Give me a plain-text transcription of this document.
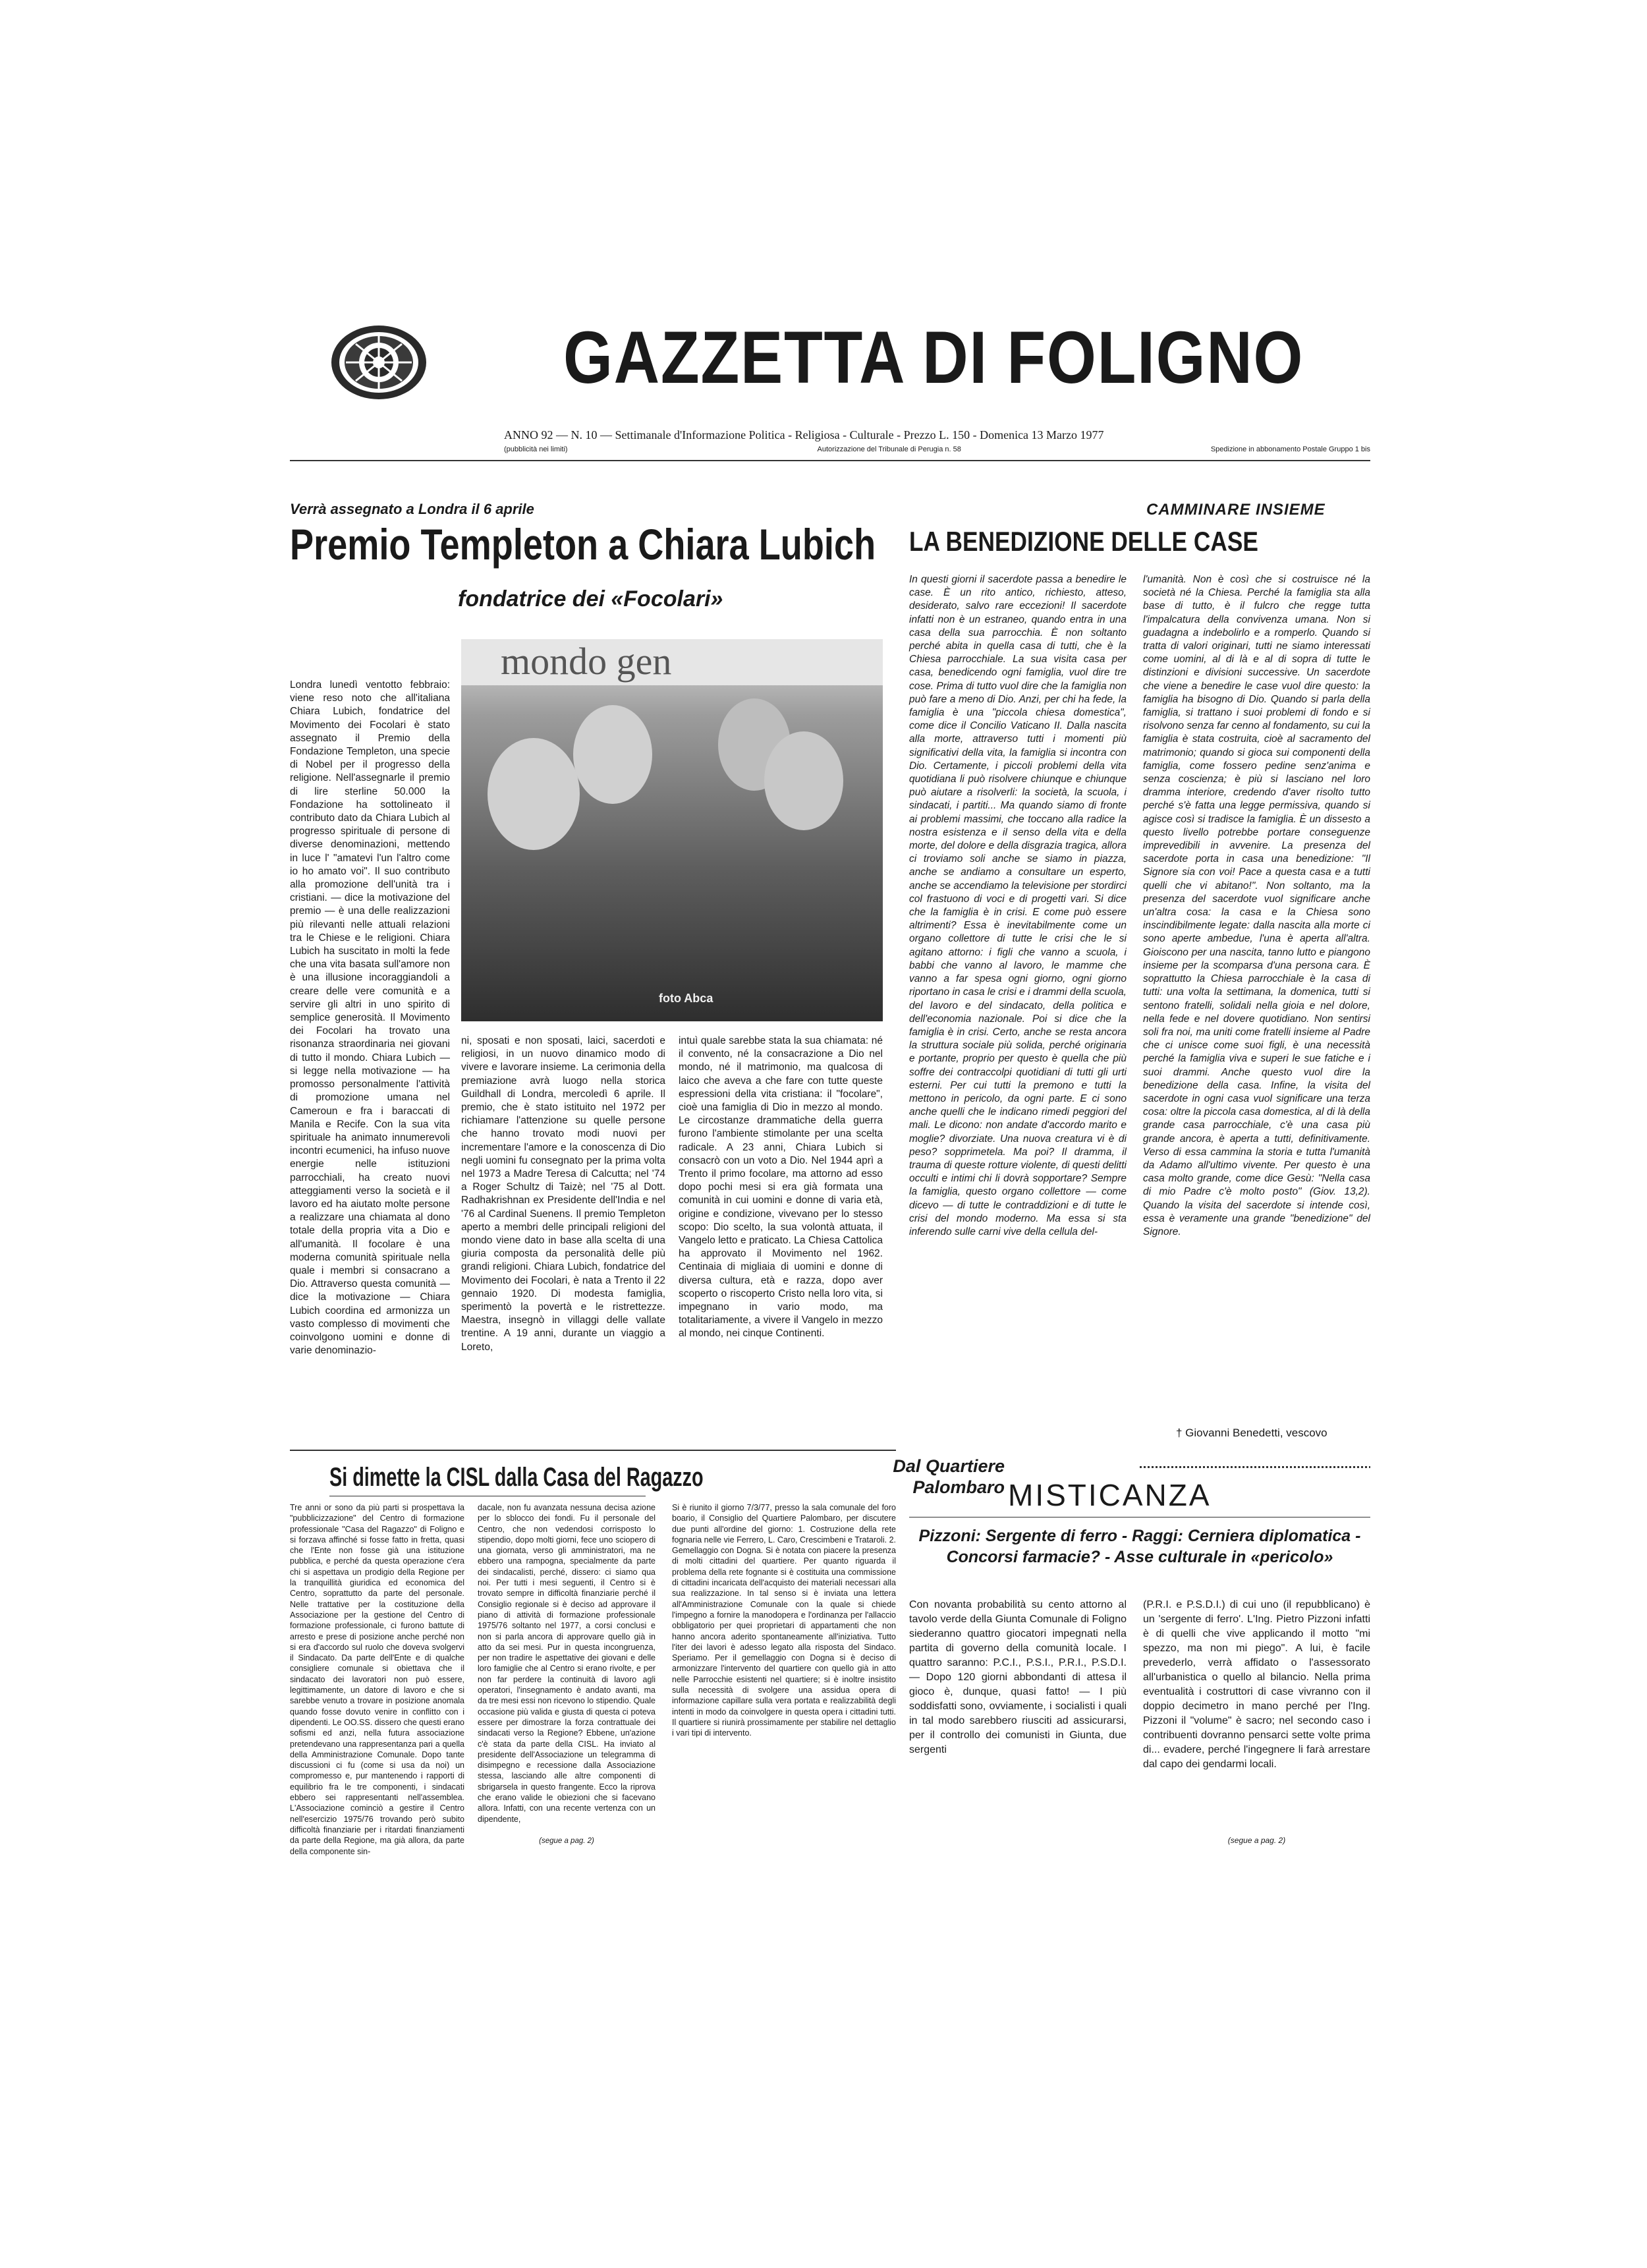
GAZZETTA DI FOLIGNO
ANNO 92 — N. 10 — Settimanale d'Informazione Politica - Religiosa - Culturale - Prezzo L. 150 - Domenica 13 Marzo 1977
(pubblicità nei limiti)	Autorizzazione del Tribunale di Perugia n. 58	Spedizione in abbonamento Postale Gruppo 1 bis
Verrà assegnato a Londra il 6 aprile
Premio Templeton a Chiara Lubich
fondatrice dei «Focolari»
mondo gen
foto Abca
Londra lunedì ventotto febbraio: viene reso noto che all'italiana Chiara Lubich, fondatrice del Movimento dei Focolari è stato assegnato il Premio della Fondazione Templeton, una specie di Nobel per il progresso della religione. Nell'assegnarle il premio di lire sterline 50.000 la Fondazione ha sottolineato il contributo dato da Chiara Lubich al progresso spirituale di persone di diverse denominazioni, mettendo in luce l' "amatevi l'un l'altro come io ho amato voi". Il suo contributo alla promozione dell'unità tra i cristiani. — dice la motivazione del premio — è una delle realizzazioni più rilevanti nelle attuali relazioni tra le Chiese e le religioni. Chiara Lubich ha suscitato in molti la fede che una vita basata sull'amore non è una illusione incoraggiandoli a creare delle vere comunità e a servire gli altri in uno spirito di semplice generosità. Il Movimento dei Focolari ha trovato una risonanza straordinaria nei giovani di tutto il mondo. Chiara Lubich — si legge nella motivazione — ha promosso personalmente l'attività di promozione umana nel Cameroun e fra i baraccati di Manila e Recife. Con la sua vita spirituale ha animato innumerevoli incontri ecumenici, ha infuso nuove energie nelle istituzioni parrocchiali, ha creato nuovi atteggiamenti verso la società e il lavoro ed ha aiutato molte persone a realizzare una chiamata al dono totale della propria vita a Dio e all'umanità. Il focolare è una moderna comunità spirituale nella quale i membri si consacrano a Dio. Attraverso questa comunità — dice la motivazione — Chiara Lubich coordina ed armonizza un vasto complesso di movimenti che coinvolgono uomini e donne di varie denominazio-
ni, sposati e non sposati, laici, sacerdoti e religiosi, in un nuovo dinamico modo di vivere e lavorare insieme. La cerimonia della premiazione avrà luogo nella storica Guildhall di Londra, mercoledì 6 aprile. Il premio, che è stato istituito nel 1972 per richiamare l'attenzione su quelle persone che hanno trovato modi nuovi per incrementare l'amore e la conoscenza di Dio negli uomini fu consegnato per la prima volta nel 1973 a Madre Teresa di Calcutta; nel '74 a Roger Schultz di Taizè; nel '75 al Dott. Radhakrishnan ex Presidente dell'India e nel '76 al Cardinal Suenens. Il premio Templeton aperto a membri delle principali religioni del mondo viene dato in base alla scelta di una giuria composta da personalità delle più grandi religioni. Chiara Lubich, fondatrice del Movimento dei Focolari, è nata a Trento il 22 gennaio 1920. Di modesta famiglia, sperimentò la povertà e le ristrettezze. Maestra, insegnò in villaggi delle vallate trentine. A 19 anni, durante un viaggio a Loreto,
intuì quale sarebbe stata la sua chiamata: né il convento, né la consacrazione a Dio nel mondo, né il matrimonio, ma qualcosa di laico che aveva a che fare con tutte queste espressioni della vita cristiana: il "focolare", cioè una famiglia di Dio in mezzo al mondo. Le circostanze drammatiche della guerra furono l'ambiente stimolante per una scelta radicale. A 23 anni, Chiara Lubich si consacrò con un voto a Dio. Nel 1944 aprì a Trento il primo focolare, ma attorno ad esso dopo pochi mesi si era già formata una comunità in cui uomini e donne di varia età, origine e condizione, vivevano per lo stesso scopo: Dio scelto, la sua volontà attuata, il Vangelo letto e praticato. La Chiesa Cattolica ha approvato il Movimento nel 1962. Centinaia di migliaia di uomini e donne di diversa cultura, età e razza, dopo aver scoperto o riscoperto Cristo nella loro vita, si impegnano in vario modo, ma totalitariamente, a vivere il Vangelo in mezzo al mondo, nei cinque Continenti.
CAMMINARE INSIEME
LA BENEDIZIONE DELLE CASE
In questi giorni il sacerdote passa a benedire le case. È un rito antico, richiesto, atteso, desiderato, salvo rare eccezioni! Il sacerdote infatti non è un estraneo, quando entra in una casa della sua parrocchia. È non soltanto perché abita in quella casa di tutti, che è la Chiesa parrocchiale. La sua visita casa per casa, benedicendo ogni famiglia, vuol dire tre cose. Prima di tutto vuol dire che la famiglia non può fare a meno di Dio. Anzi, per chi ha fede, la famiglia è una "piccola chiesa domestica", come dice il Concilio Vaticano II. Dalla nascita alla morte, attraverso tutti i momenti più significativi della vita, la famiglia si incontra con Dio. Certamente, i piccoli problemi della vita quotidiana li può risolvere chiunque e chiunque può aiutare a risolverli: la società, la scuola, i sindacati, i partiti... Ma quando siamo di fronte ai problemi massimi, che toccano alla radice la nostra esistenza e il senso della vita e della morte, del dolore e della disgrazia tragica, allora ci troviamo soli anche se siamo in piazza, anche se andiamo a consultare un esperto, anche se accendiamo la televisione per stordirci col frastuono di voci e di progetti vari. Si dice che la famiglia è in crisi. E come può essere altrimenti? Essa è inevitabilmente come un organo collettore di tutte le crisi che le si agitano attorno: i figli che vanno a scuola, i babbi che vanno al lavoro, le mamme che vanno a far spesa ogni giorno, ogni giorno riportano in casa le crisi e i drammi della scuola, del lavoro e del sindacato, della politica e dell'economia nazionale. Poi si dice che la famiglia è in crisi. Certo, anche se resta ancora la struttura sociale più solida, perché originaria e portante, proprio per questo è quella che più soffre dei contraccolpi quotidiani di tutti gli urti esterni. Per cui tutti la premono e tutti la mettono in pericolo, da ogni parte. E ci sono anche quelli che le indicano rimedi peggiori del mali. Le dicono: non andate d'accordo marito e moglie? divorziate. Una nuova creatura vi è di peso? sopprimetela. Ma poi? Il dramma, il trauma di queste rotture violente, di questi delitti occulti e intimi chi li dovrà sopportare? Sempre la famiglia, questo organo collettore — come dicevo — di tutte le contraddizioni e di tutte le crisi del mondo moderno. Ma essa si sta inferendo sulle carni vive della cellula del-
l'umanità. Non è così che si costruisce né la società né la Chiesa. Perché la famiglia sta alla base di tutto, è il fulcro che regge tutta l'impalcatura della convivenza umana. Non si guadagna a indebolirlo e a romperlo. Quando si tratta di valori originari, tutti ne siamo interessati come uomini, al di là e al di sopra di tutte le distinzioni e divisioni successive. Un sacerdote che viene a benedire le case vuol dire questo: la famiglia ha bisogno di Dio. Quando si parla della famiglia, si trattano i suoi problemi di fondo e si risolvono senza far cenno al fondamento, su cui la famiglia è stata costruita, cioè al sacramento del matrimonio; quando si gioca sui componenti della famiglia, come fossero pedine senz'anima e senza coscienza; è più si lasciano nel loro dramma interiore, credendo d'aver risolto tutto perché s'è fatta una legge permissiva, quando si agisce così si tradisce la famiglia. È un dissesto a questo livello potrebbe portare conseguenze imprevedibili in avvenire. La presenza del sacerdote porta in casa una benedizione: "Il Signore sia con voi! Pace a questa casa e a tutti quelli che vi abitano!". Non soltanto, ma la presenza del sacerdote vuol significare anche un'altra cosa: la casa e la Chiesa sono inscindibilmente legate: dalla nascita alla morte ci sono aperte ambedue, l'una è aperta all'altra. Gioiscono per una nascita, tanno lutto e piangono insieme per la scomparsa d'una persona cara. È soprattutto la Chiesa parrocchiale è la casa di tutti: una volta la settimana, la domenica, tutti si sentono fratelli, solidali nella gioia e nel dolore, nella fede e nel dovere quotidiano. Non sentirsi soli fra noi, ma uniti come fratelli insieme al Padre che ci unisce come suoi figli, è una necessità perché la famiglia viva e superi le sue fatiche e i suoi drammi. Anche questo vuol dire la benedizione della casa. Infine, la visita del sacerdote in ogni casa vuol significare una terza cosa: oltre la piccola casa domestica, al di là della grande casa parrocchiale, c'è una casa più grande ancora, è aperta a tutti, definitivamente. Verso di essa cammina la storia e tutta l'umanità da Adamo all'ultimo vivente. Per questo è una casa molto grande, come dice Gesù: "Nella casa di mio Padre c'è molto posto" (Giov. 13,2). Quando la visita del sacerdote si intende così, essa è veramente una grande "benedizione" del Signore.
† Giovanni Benedetti, vescovo
Si dimette la CISL dalla Casa del Ragazzo
Tre anni or sono da più parti si prospettava la "pubblicizzazione" del Centro di formazione professionale "Casa del Ragazzo" di Foligno e si forzava affinché si fosse fatto in fretta, quasi che l'Ente non fosse già una istituzione pubblica, e perché da questa operazione c'era chi si aspettava un prodigio della Regione per la tranquillità giuridica ed economica del Centro, soprattutto da parte del personale. Nelle trattative per la costituzione della Associazione per la gestione del Centro di formazione professionale, ci furono battute di arresto e prese di posizione anche perché non si era d'accordo sul ruolo che doveva svolgervi il Sindacato. Da parte dell'Ente e di qualche consigliere comunale si obiettava che il sindacato dei lavoratori non può essere, legittimamente, un datore di lavoro e che si sarebbe venuto a trovare in posizione anomala quando fosse dovuto venire in conflitto con i dipendenti. Le OO.SS. dissero che questi erano sofismi ed anzi, nella futura associazione pretendevano una rappresentanza pari a quella della Amministrazione Comunale. Dopo tante discussioni ci fu (come si usa da noi) un compromesso e, pur mantenendo i rapporti di equilibrio fra le tre componenti, i sindacati ebbero sei rappresentanti nell'assemblea. L'Associazione cominciò a gestire il Centro nell'esercizio 1975/76 trovando però subito difficoltà finanziarie per i ritardati finanziamenti da parte della Regione, ma già allora, da parte della componente sin-
dacale, non fu avanzata nessuna decisa azione per lo sblocco dei fondi. Fu il personale del Centro, che non vedendosi corrisposto lo stipendio, dopo molti giorni, fece uno sciopero di una giornata, verso gli amministratori, ma ne ebbero una rampogna, specialmente da parte dei sindacalisti, perché, dissero: ci siamo qua noi. Per tutti i mesi seguenti, il Centro si è trovato sempre in difficoltà finanziarie perché il Consiglio regionale si è deciso ad approvare il piano di attività di formazione professionale 1975/76 soltanto nel 1977, a corsi conclusi e non si parla ancora di approvare quello già in atto da sei mesi. Pur in questa incongruenza, per non tradire le aspettative dei giovani e delle loro famiglie che al Centro si erano rivolte, e per non far perdere la continuità di lavoro agli operatori, l'insegnamento è andato avanti, ma da tre mesi essi non ricevono lo stipendio. Quale occasione più valida e giusta di questa ci poteva essere per dimostrare la forza contrattuale dei sindacati verso la Regione? Ebbene, un'azione c'è stata da parte della CISL. Ha inviato al presidente dell'Associazione un telegramma di disimpegno e recessione dalla Associazione stessa, lasciando alle altre componenti di sbrigarsela in questo frangente. Ecco la riprova che erano valide le obiezioni che si facevano allora. Infatti, con una recente vertenza con un dipendente,
(segue a pag. 2)
Dal Quartiere
Palombaro
Si è riunito il giorno 7/3/77, presso la sala comunale del foro boario, il Consiglio del Quartiere Palombaro, per discutere due punti all'ordine del giorno: 1. Costruzione della rete fognaria nelle vie Ferrero, L. Caro, Crescimbeni e Trataroli. 2. Gemellaggio con Dogna. Si è notata con piacere la presenza di molti cittadini del quartiere. Per quanto riguarda il problema della rete fognante si è costituita una commissione di cittadini incaricata dell'acquisto dei materiali necessari alla sua realizzazione. In tal senso si è inviata una lettera all'Amministrazione Comunale con la quale si chiede l'impegno a fornire la manodopera e l'ordinanza per l'allaccio obbligatorio per quei proprietari di appartamenti che non hanno ancora aderito spontaneamente all'iniziativa. Tutto l'iter dei lavori è adesso legato alla risposta del Sindaco. Speriamo. Per il gemellaggio con Dogna si è deciso di armonizzare l'intervento del quartiere con quello già in atto nelle Parrocchie esistenti nel quartiere; si è inoltre insistito sulla necessità di svolgere una assidua opera di informazione capillare sulla vera portata e realizzabilità degli intenti in modo da coinvolgere in questa opera i cittadini tutti. Il quartiere si riunirà prossimamente per stabilire nel dettaglio i vari tipi di intervento.
MISTICANZA
Pizzoni: Sergente di ferro - Raggi: Cerniera diplomatica - Concorsi farmacie? - Asse culturale in «pericolo»
Con novanta probabilità su cento attorno al tavolo verde della Giunta Comunale di Foligno siederanno quattro giocatori impegnati nella partita di governo della comunità locale. I quattro saranno: P.C.I., P.S.I., P.R.I., P.S.D.I. — Dopo 120 giorni abbondanti di attesa il gioco è, dunque, quasi fatto! — I più soddisfatti sono, ovviamente, i socialisti i quali in tal modo sarebbero riusciti ad assicurarsi, per il controllo dei comunisti in Giunta, due sergenti
(P.R.I. e P.S.D.I.) di cui uno (il repubblicano) è un 'sergente di ferro'. L'Ing. Pietro Pizzoni infatti è di quelli che vive applicando il motto "mi spezzo, ma non mi piego". A lui, è facile prevederlo, verrà affidato o l'assessorato all'urbanistica o quello al bilancio. Nella prima eventualità i costruttori di case vivranno con il doppio decimetro in mano perché per l'Ing. Pizzoni il "volume" è sacro; nel secondo caso i contribuenti dovranno pensarci sette volte prima di... evadere, perché l'ingegnere li farà arrestare dal capo dei gendarmi locali.
(segue a pag. 2)
